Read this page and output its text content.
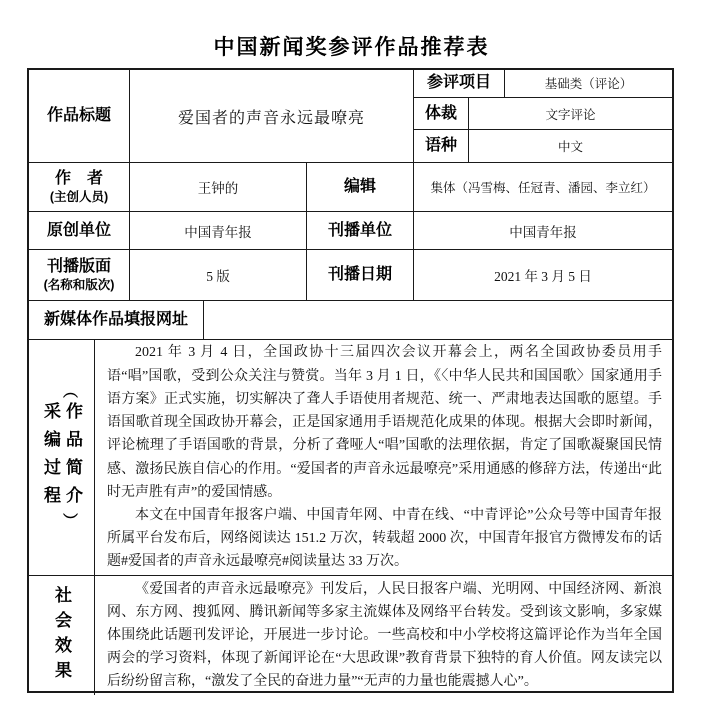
中国新闻奖参评作品推荐表
作品标题	爱国者的声音永远最嘹亮
参评项目	基础类（评论）
体裁	文字评论
语种	中文
作　者
(主创人员)
王钟的	编辑	集体（冯雪梅、任冠青、潘园、李立红）
原创单位	中国青年报	刊播单位	中国青年报
刊播版面
(名称和版次)
5 版	刊播日期	2021 年 3 月 5 日
新媒体作品填报网址
︵
采编过程 作品简介
︶

2021 年 3 月 4 日，全国政协十三届四次会议开幕会上，两名全国政协委员用手语“唱”国歌，受到公众关注与赞赏。当年 3 月 1 日，《〈中华人民共和国国歌〉国家通用手语方案》正式实施，切实解决了聋人手语使用者规范、统一、严肃地表达国歌的愿望。手语国歌首现全国政协开幕会，正是国家通用手语规范化成果的体现。根据大会即时新闻，评论梳理了手语国歌的背景，分析了聋哑人“唱”国歌的法理依据，肯定了国歌凝聚国民情感、激扬民族自信心的作用。“爱国者的声音永远最嘹亮”采用通感的修辞方法，传递出“此时无声胜有声”的爱国情感。

本文在中国青年报客户端、中国青年网、中青在线、“中青评论”公众号等中国青年报所属平台发布后，网络阅读达 151.2 万次，转载超 2000 次，中国青年报官方微博发布的话题#爱国者的声音永远最嘹亮#阅读量达 33 万次。

社会效果	《爱国者的声音永远最嘹亮》刊发后，人民日报客户端、光明网、中国经济网、新浪网、东方网、搜狐网、腾讯新闻等多家主流媒体及网络平台转发。受到该文影响，多家媒体围绕此话题刊发评论，开展进一步讨论。一些高校和中小学校将这篇评论作为当年全国两会的学习资料，体现了新闻评论在“大思政课”教育背景下独特的育人价值。网友读完以后纷纷留言称，“激发了全民的奋进力量”“无声的力量也能震撼人心”。
